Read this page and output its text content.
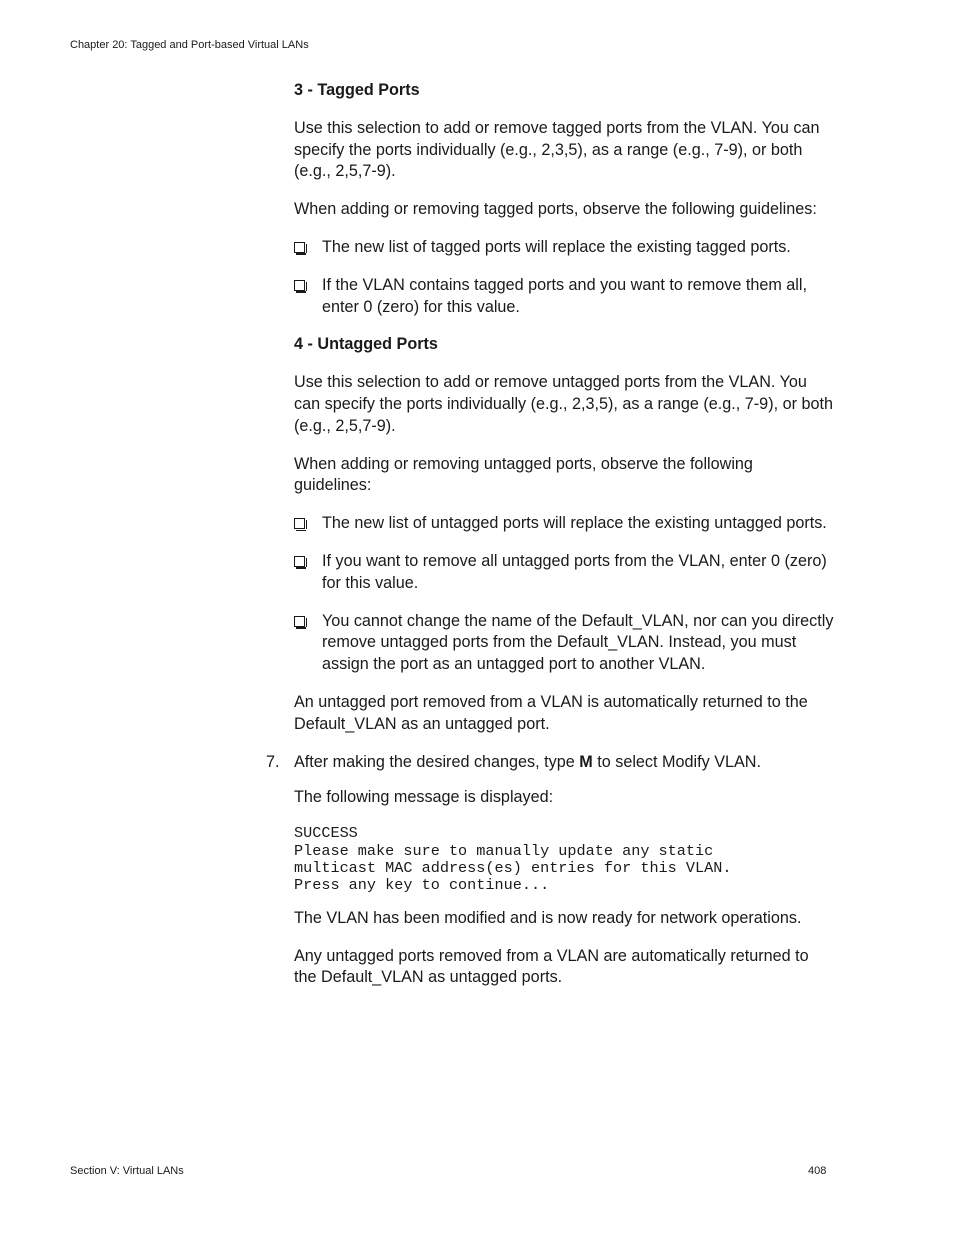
Chapter 20: Tagged and Port-based Virtual LANs

3 - Tagged Ports

Use this selection to add or remove tagged ports from the VLAN. You can specify the ports individually (e.g., 2,3,5), as a range (e.g., 7-9), or both (e.g., 2,5,7-9).

When adding or removing tagged ports, observe the following guidelines:

The new list of tagged ports will replace the existing tagged ports.
If the VLAN contains tagged ports and you want to remove them all, enter 0 (zero) for this value.

4 - Untagged Ports

Use this selection to add or remove untagged ports from the VLAN. You can specify the ports individually (e.g., 2,3,5), as a range (e.g., 7-9), or both (e.g., 2,5,7-9).

When adding or removing untagged ports, observe the following guidelines:

The new list of untagged ports will replace the existing untagged ports.
If you want to remove all untagged ports from the VLAN, enter 0 (zero) for this value.
You cannot change the name of the Default_VLAN, nor can you directly remove untagged ports from the Default_VLAN. Instead, you must assign the port as an untagged port to another VLAN.

An untagged port removed from a VLAN is automatically returned to the Default_VLAN as an untagged port.

7. After making the desired changes, type M to select Modify VLAN.

The following message is displayed:

SUCCESS
Please make sure to manually update any static
multicast MAC address(es) entries for this VLAN.
Press any key to continue...

The VLAN has been modified and is now ready for network operations.

Any untagged ports removed from a VLAN are automatically returned to the Default_VLAN as untagged ports.

Section V: Virtual LANs	408
